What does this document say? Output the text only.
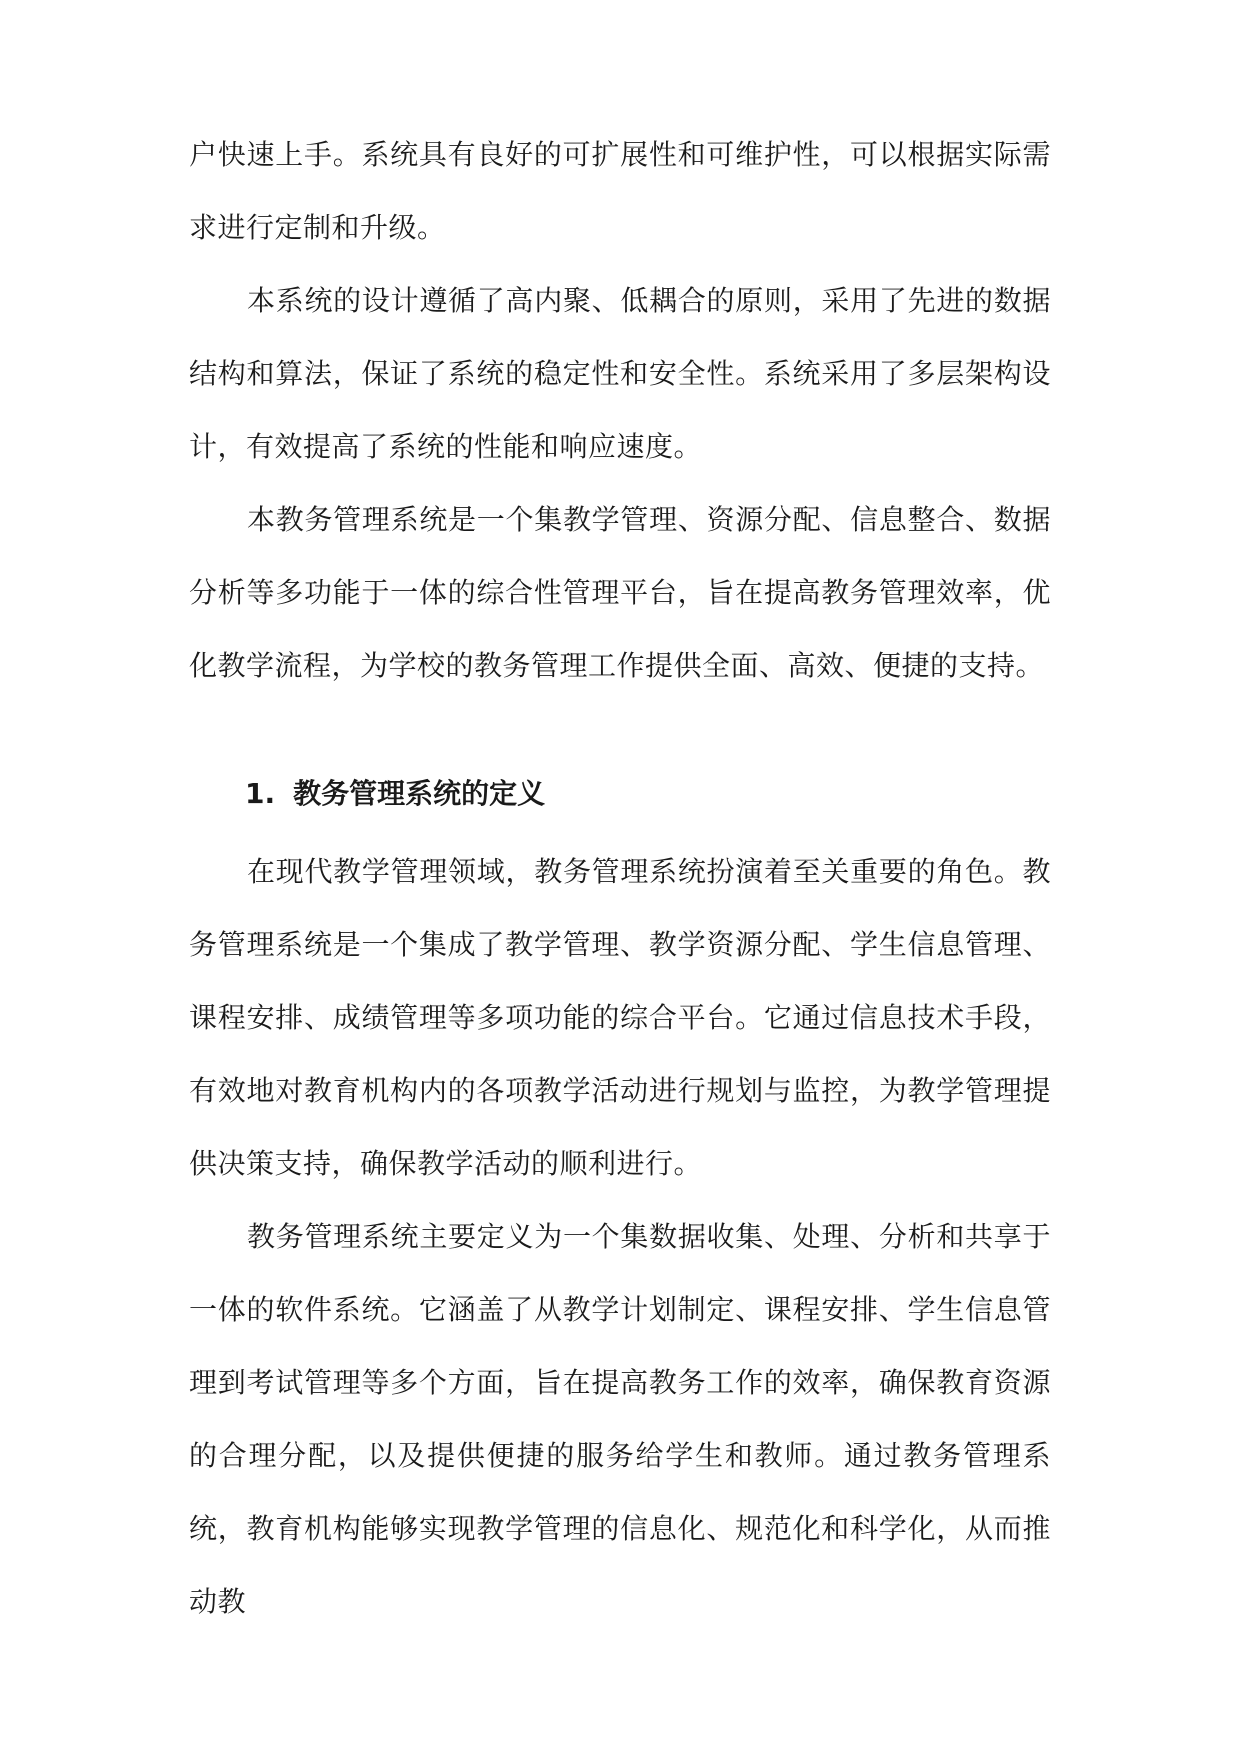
户快速上手。系统具有良好的可扩展性和可维护性，可以根据实际需求进行定制和升级。

本系统的设计遵循了高内聚、低耦合的原则，采用了先进的数据结构和算法，保证了系统的稳定性和安全性。系统采用了多层架构设计，有效提高了系统的性能和响应速度。

本教务管理系统是一个集教学管理、资源分配、信息整合、数据分析等多功能于一体的综合性管理平台，旨在提高教务管理效率，优化教学流程，为学校的教务管理工作提供全面、高效、便捷的支持。

1. 教务管理系统的定义

在现代教学管理领域，教务管理系统扮演着至关重要的角色。教务管理系统是一个集成了教学管理、教学资源分配、学生信息管理、课程安排、成绩管理等多项功能的综合平台。它通过信息技术手段，有效地对教育机构内的各项教学活动进行规划与监控，为教学管理提供决策支持，确保教学活动的顺利进行。

教务管理系统主要定义为一个集数据收集、处理、分析和共享于一体的软件系统。它涵盖了从教学计划制定、课程安排、学生信息管理到考试管理等多个方面，旨在提高教务工作的效率，确保教育资源的合理分配，以及提供便捷的服务给学生和教师。通过教务管理系统，教育机构能够实现教学管理的信息化、规范化和科学化，从而推动教
